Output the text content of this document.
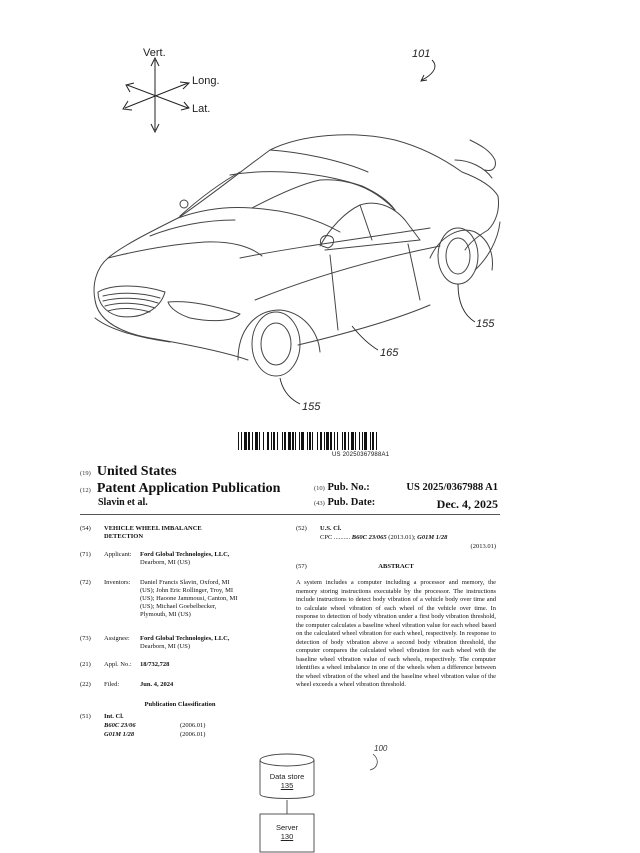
Vert.
Long.
Lat.
101
155
165
155
US 20250367988A1
(19) United States
(12) Patent Application Publication
Slavin et al.
(10) Pub. No.:	US 2025/0367988 A1
(43) Pub. Date:	Dec. 4, 2025
(54) VEHICLE WHEEL IMBALANCE
DETECTION
(71) Applicant: Ford Global Technologies, LLC,
Dearborn, MI (US)
(72) Inventors: Daniel Francis Slavin, Oxford, MI
(US); John Eric Rollinger, Troy, MI
(US); Haoone Jammousi, Canton, MI
(US); Michael Goebelbecker,
Plymouth, MI (US)
(73) Assignee: Ford Global Technologies, LLC,
Dearborn, MI (US)
(21) Appl. No.: 18/732,728
(22) Filed:	Jun. 4, 2024
Publication Classification
(51) Int. Cl.
B60C 23/06	(2006.01)
G01M 1/28	(2006.01)
(52) U.S. Cl.
CPC .......... B60C 23/065 (2013.01); G01M 1/28
(2013.01)
(57)	ABSTRACT
A system includes a computer including a processor and memory, the memory storing instructions executable by the processor. The instructions include instructions to detect body vibration of a vehicle body over time and to calculate wheel vibration of each wheel of the vehicle over time. In response to detection of body vibration under a first body vibration threshold, the computer calculates a baseline wheel vibration value for each wheel based on the calculated wheel vibration for each wheel, respectively. In response to detection of body vibration above a second body vibration threshold, the computer compares the calculated wheel vibration for each wheel with the baseline wheel vibration value of each wheels, respectively. The computer identifies a wheel imbalance in one of the wheels when a difference between the wheel vibration of the wheel and the baseline wheel vibration value of the wheel exceeds a wheel vibration threshold.
100
Data store
135
Server
130
